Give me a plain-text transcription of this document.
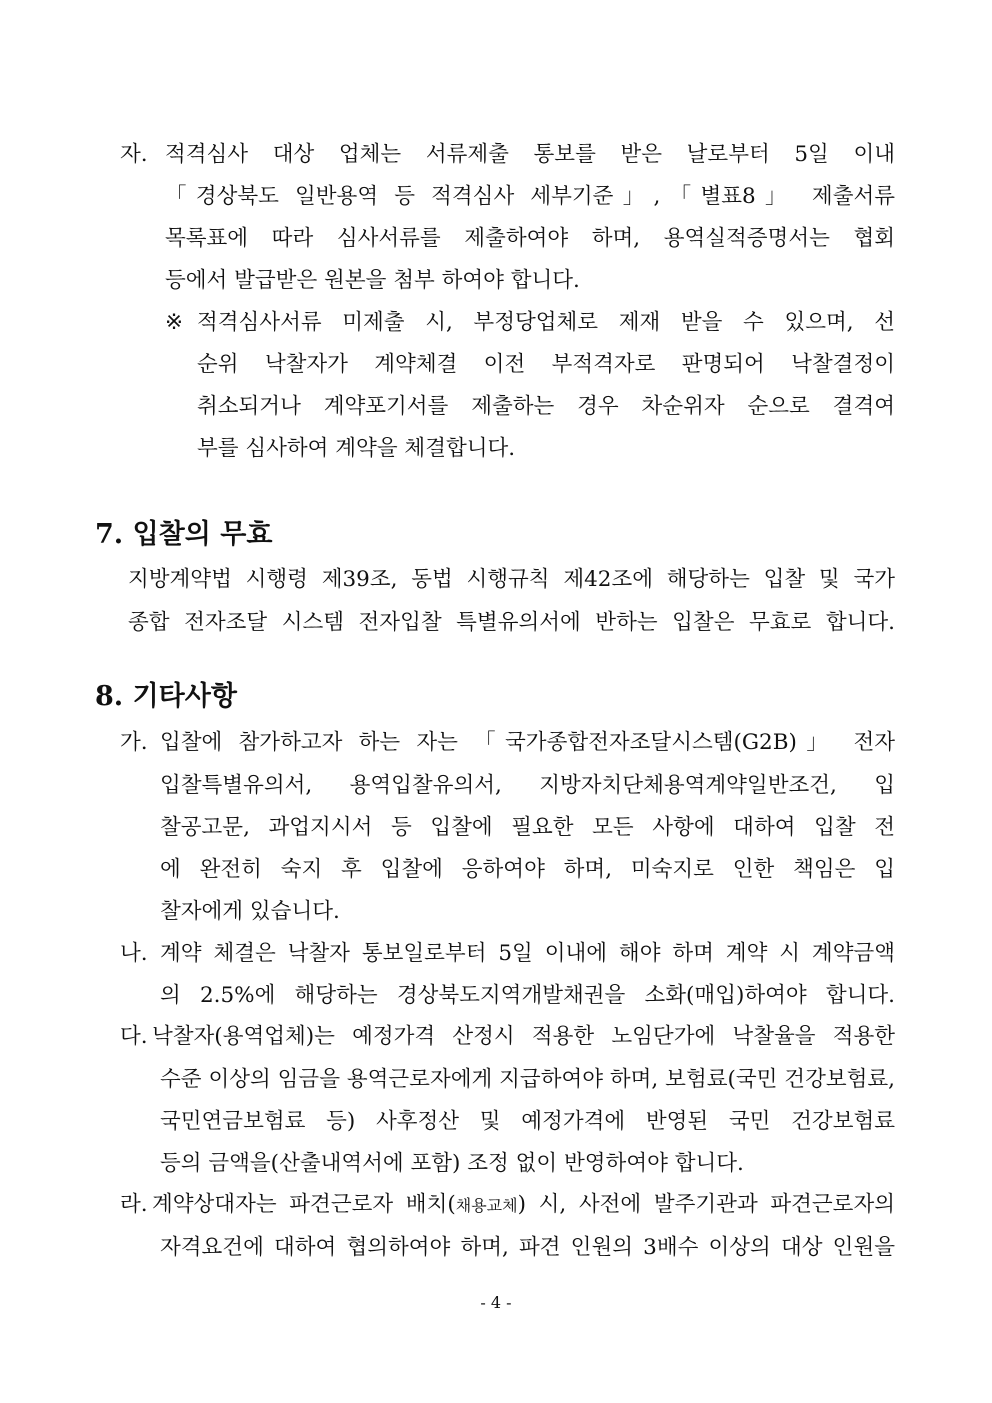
자. 적격심사 대상 업체는 서류제출 통보를 받은 날로부터 5일 이내
「경상북도 일반용역 등 적격심사 세부기준」,「별표8」 제출서류
목록표에 따라 심사서류를 제출하여야 하며, 용역실적증명서는 협회
등에서 발급받은 원본을 첨부 하여야 합니다.
※ 적격심사서류 미제출 시, 부정당업체로 제재 받을 수 있으며, 선
순위 낙찰자가 계약체결 이전 부적격자로 판명되어 낙찰결정이
취소되거나 계약포기서를 제출하는 경우 차순위자 순으로 결격여
부를 심사하여 계약을 체결합니다.
7. 입찰의 무효
지방계약법 시행령 제39조, 동법 시행규칙 제42조에 해당하는 입찰 및 국가
종합 전자조달 시스템 전자입찰 특별유의서에 반하는 입찰은 무효로 합니다.
8. 기타사항
가. 입찰에 참가하고자 하는 자는 「국가종합전자조달시스템(G2B)」 전자
입찰특별유의서, 용역입찰유의서, 지방자치단체용역계약일반조건, 입
찰공고문, 과업지시서 등 입찰에 필요한 모든 사항에 대하여 입찰 전
에 완전히 숙지 후 입찰에 응하여야 하며, 미숙지로 인한 책임은 입
찰자에게 있습니다.
나. 계약 체결은 낙찰자 통보일로부터 5일 이내에 해야 하며 계약 시 계약금액
의 2.5%에 해당하는 경상북도지역개발채권을 소화(매입)하여야 합니다.
다. 낙찰자(용역업체)는 예정가격 산정시 적용한 노임단가에 낙찰율을 적용한
수준 이상의 임금을 용역근로자에게 지급하여야 하며, 보험료(국민 건강보험료,
국민연금보험료 등) 사후정산 및 예정가격에 반영된 국민 건강보험료
등의 금액을(산출내역서에 포함) 조정 없이 반영하여야 합니다.
라. 계약상대자는 파견근로자 배치(채용교체) 시, 사전에 발주기관과 파견근로자의
자격요건에 대하여 협의하여야 하며, 파견 인원의 3배수 이상의 대상 인원을
- 4 -
